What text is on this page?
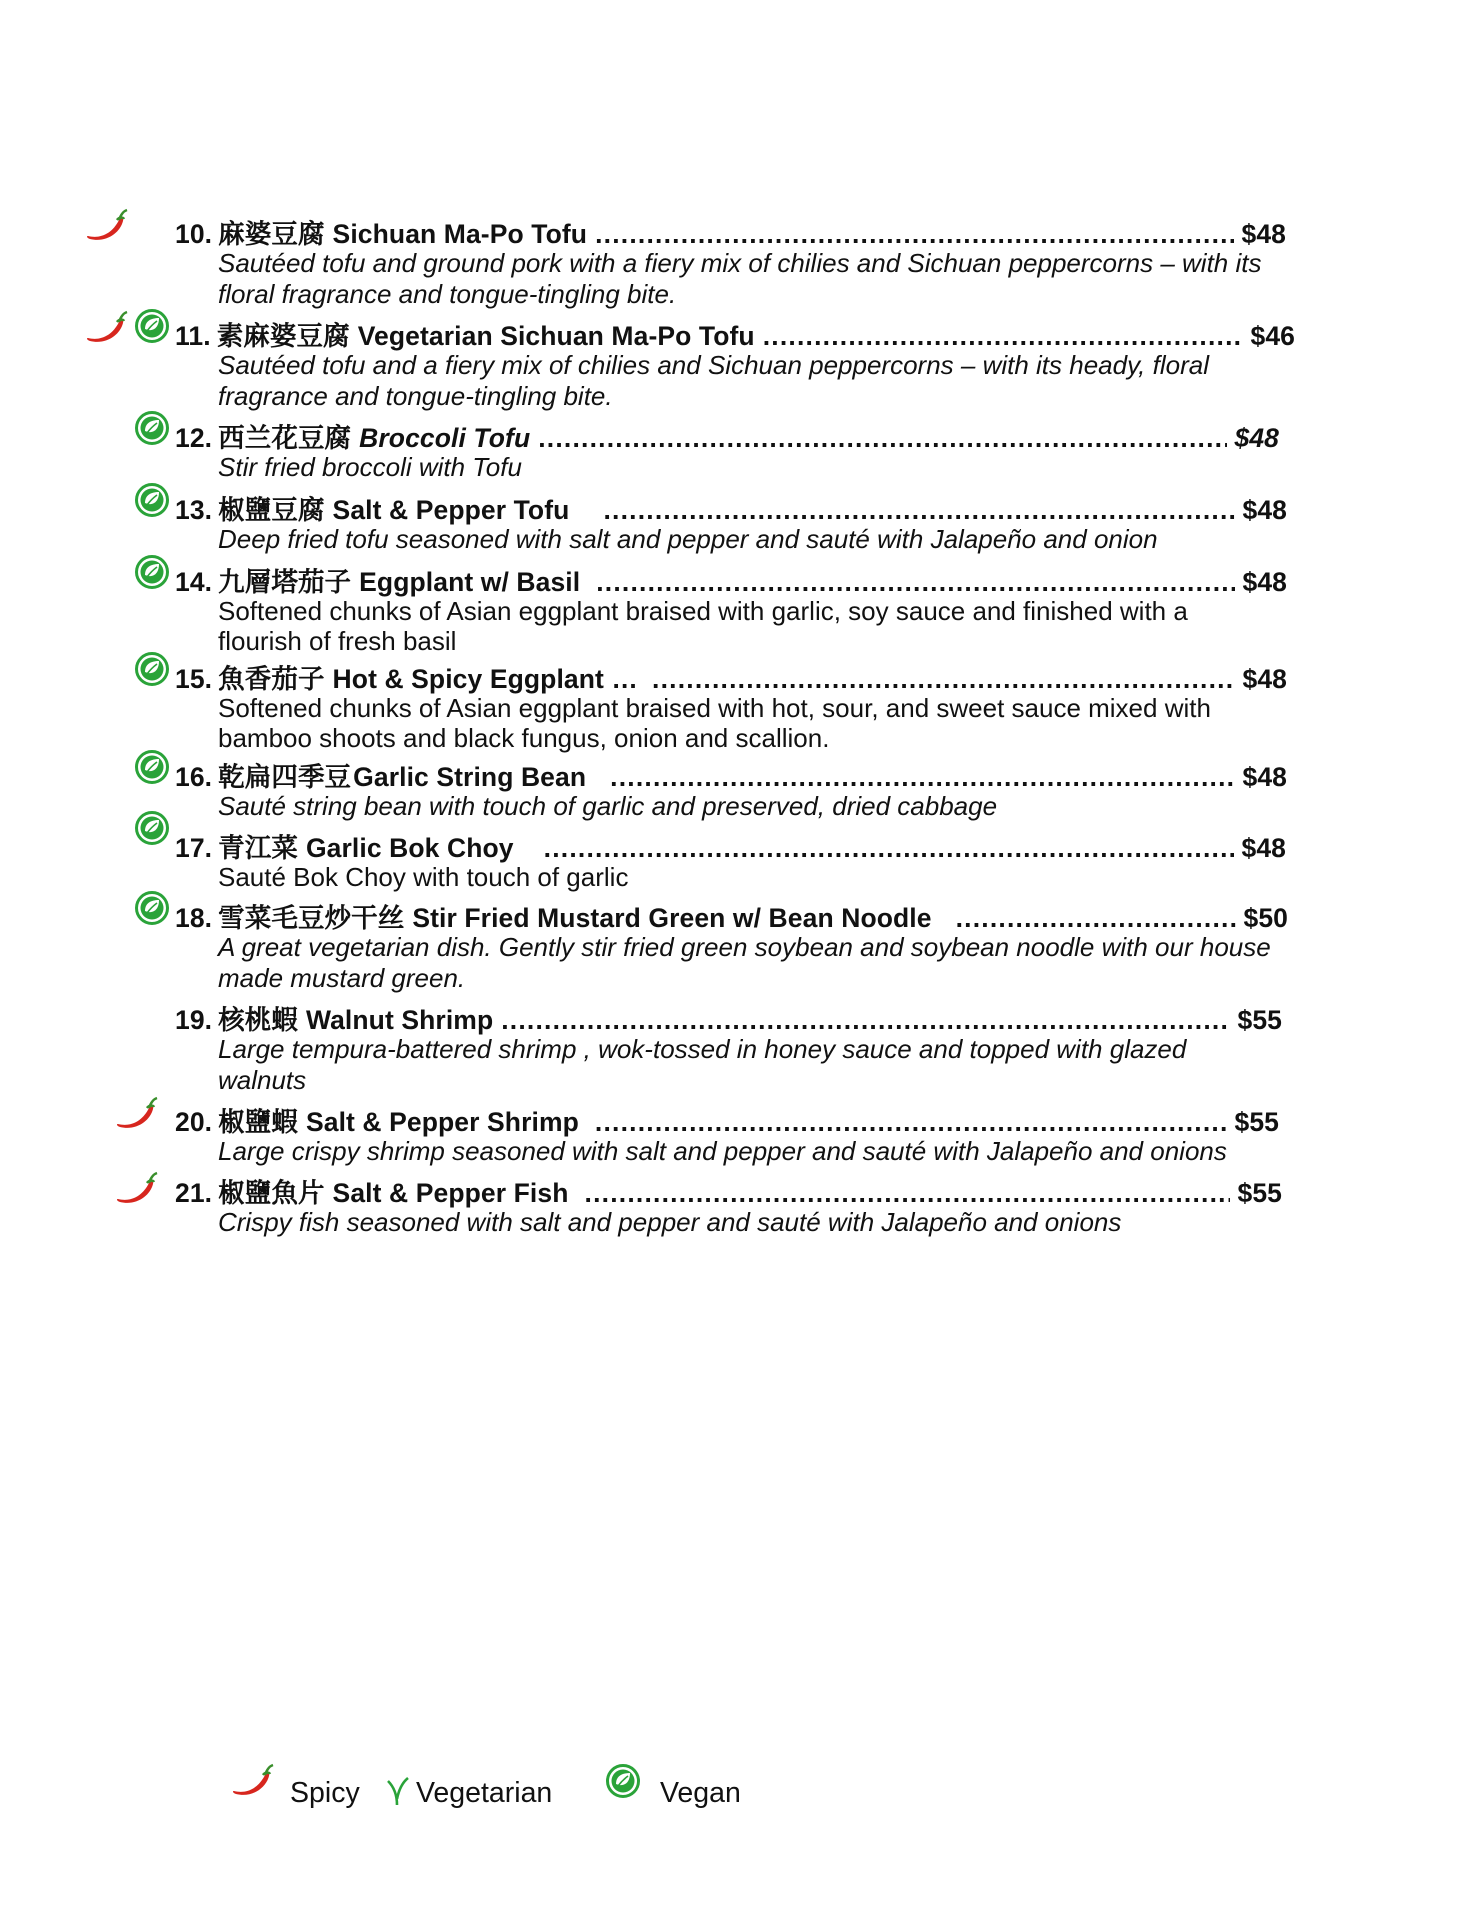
10. 麻婆豆腐 Sichuan Ma-Po Tofu .....	$48
Sautéed tofu and ground pork with a fiery mix of chilies and Sichuan peppercorns – with its
floral fragrance and tongue-tingling bite.
11. 素麻婆豆腐 Vegetarian Sichuan Ma-Po Tofu .....	$46
Sautéed tofu and a fiery mix of chilies and Sichuan peppercorns – with its heady, floral
fragrance and tongue-tingling bite.
12. 西兰花豆腐 Broccoli Tofu .....	$48
Stir fried broccoli with Tofu
13. 椒鹽豆腐 Salt & Pepper Tofu .....	$48
Deep fried tofu seasoned with salt and pepper and sauté with Jalapeño and onion
14. 九層塔茄子 Eggplant w/ Basil .....	$48
Softened chunks of Asian eggplant braised with garlic, soy sauce and finished with a
flourish of fresh basil
15. 魚香茄子 Hot & Spicy Eggplant … .....	$48
Softened chunks of Asian eggplant braised with hot, sour, and sweet sauce mixed with
bamboo shoots and black fungus, onion and scallion.
16. 乾扁四季豆 Garlic String Bean .....	$48
Sauté string bean with touch of garlic and preserved, dried cabbage
17. 青江菜 Garlic Bok Choy .....	$48
Sauté Bok Choy with touch of garlic
18. 雪菜毛豆炒干丝 Stir Fried Mustard Green w/ Bean Noodle .....	$50
A great vegetarian dish. Gently stir fried green soybean and soybean noodle with our house
made mustard green.
19. 核桃蝦 Walnut Shrimp .....	$55
Large tempura-battered shrimp , wok-tossed in honey sauce and topped with glazed
walnuts
20. 椒鹽蝦 Salt & Pepper Shrimp .....	$55
Large crispy shrimp seasoned with salt and pepper and sauté with Jalapeño and onions
21. 椒鹽魚片 Salt & Pepper Fish .....	$55
Crispy fish seasoned with salt and pepper and sauté with Jalapeño and onions
Spicy Vegetarian	Vegan
